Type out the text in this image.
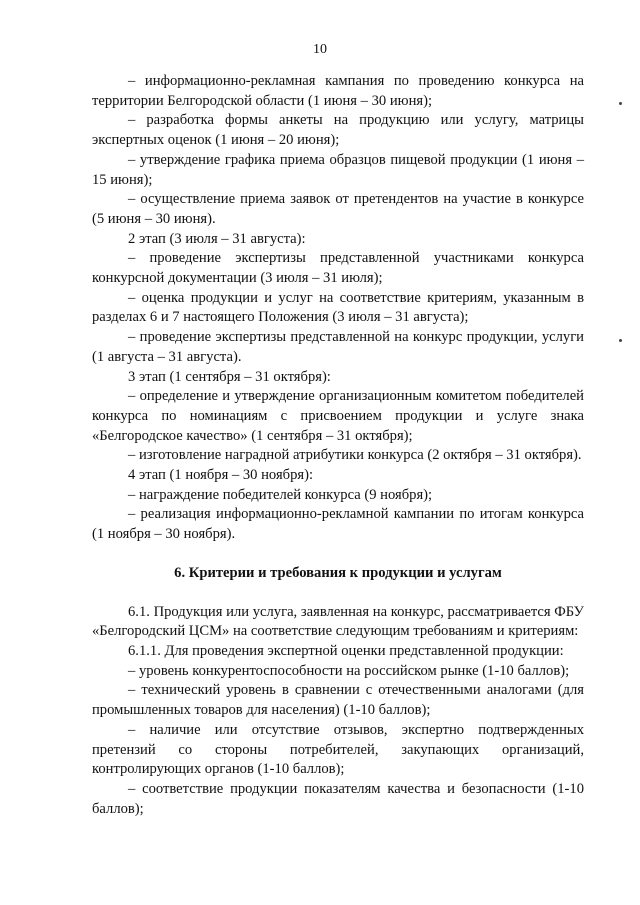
10

– информационно-рекламная кампания по проведению конкурса на территории Белгородской области (1 июня – 30 июня);

– разработка формы анкеты на продукцию или услугу, матрицы экспертных оценок (1 июня – 20 июня);

– утверждение графика приема образцов пищевой продукции (1 июня – 15 июня);

– осуществление приема заявок от претендентов на участие в конкурсе (5 июня – 30 июня).

2 этап (3 июля – 31 августа):

– проведение экспертизы представленной участниками конкурса конкурсной документации (3 июля – 31 июля);

– оценка продукции и услуг на соответствие критериям, указанным в разделах 6 и 7 настоящего Положения (3 июля – 31 августа);

– проведение экспертизы представленной на конкурс продукции, услуги (1 августа – 31 августа).

3 этап (1 сентября – 31 октября):

– определение и утверждение организационным комитетом победителей конкурса по номинациям с присвоением продукции и услуге знака «Белгородское качество» (1 сентября – 31 октября);

– изготовление наградной атрибутики конкурса (2 октября – 31 октября).

4 этап (1 ноября – 30 ноября):

– награждение победителей конкурса (9 ноября);

– реализация информационно-рекламной кампании по итогам конкурса (1 ноября – 30 ноября).

6. Критерии и требования к продукции и услугам

6.1. Продукция или услуга, заявленная на конкурс, рассматривается ФБУ «Белгородский ЦСМ» на соответствие следующим требованиям и критериям:

6.1.1. Для проведения экспертной оценки представленной продукции:

– уровень конкурентоспособности на российском рынке (1-10 баллов);

– технический уровень в сравнении с отечественными аналогами (для промышленных товаров для населения) (1-10 баллов);

– наличие или отсутствие отзывов, экспертно подтвержденных претензий со стороны потребителей, закупающих организаций, контролирующих органов (1-10 баллов);

– соответствие продукции показателям качества и безопасности (1-10 баллов);
